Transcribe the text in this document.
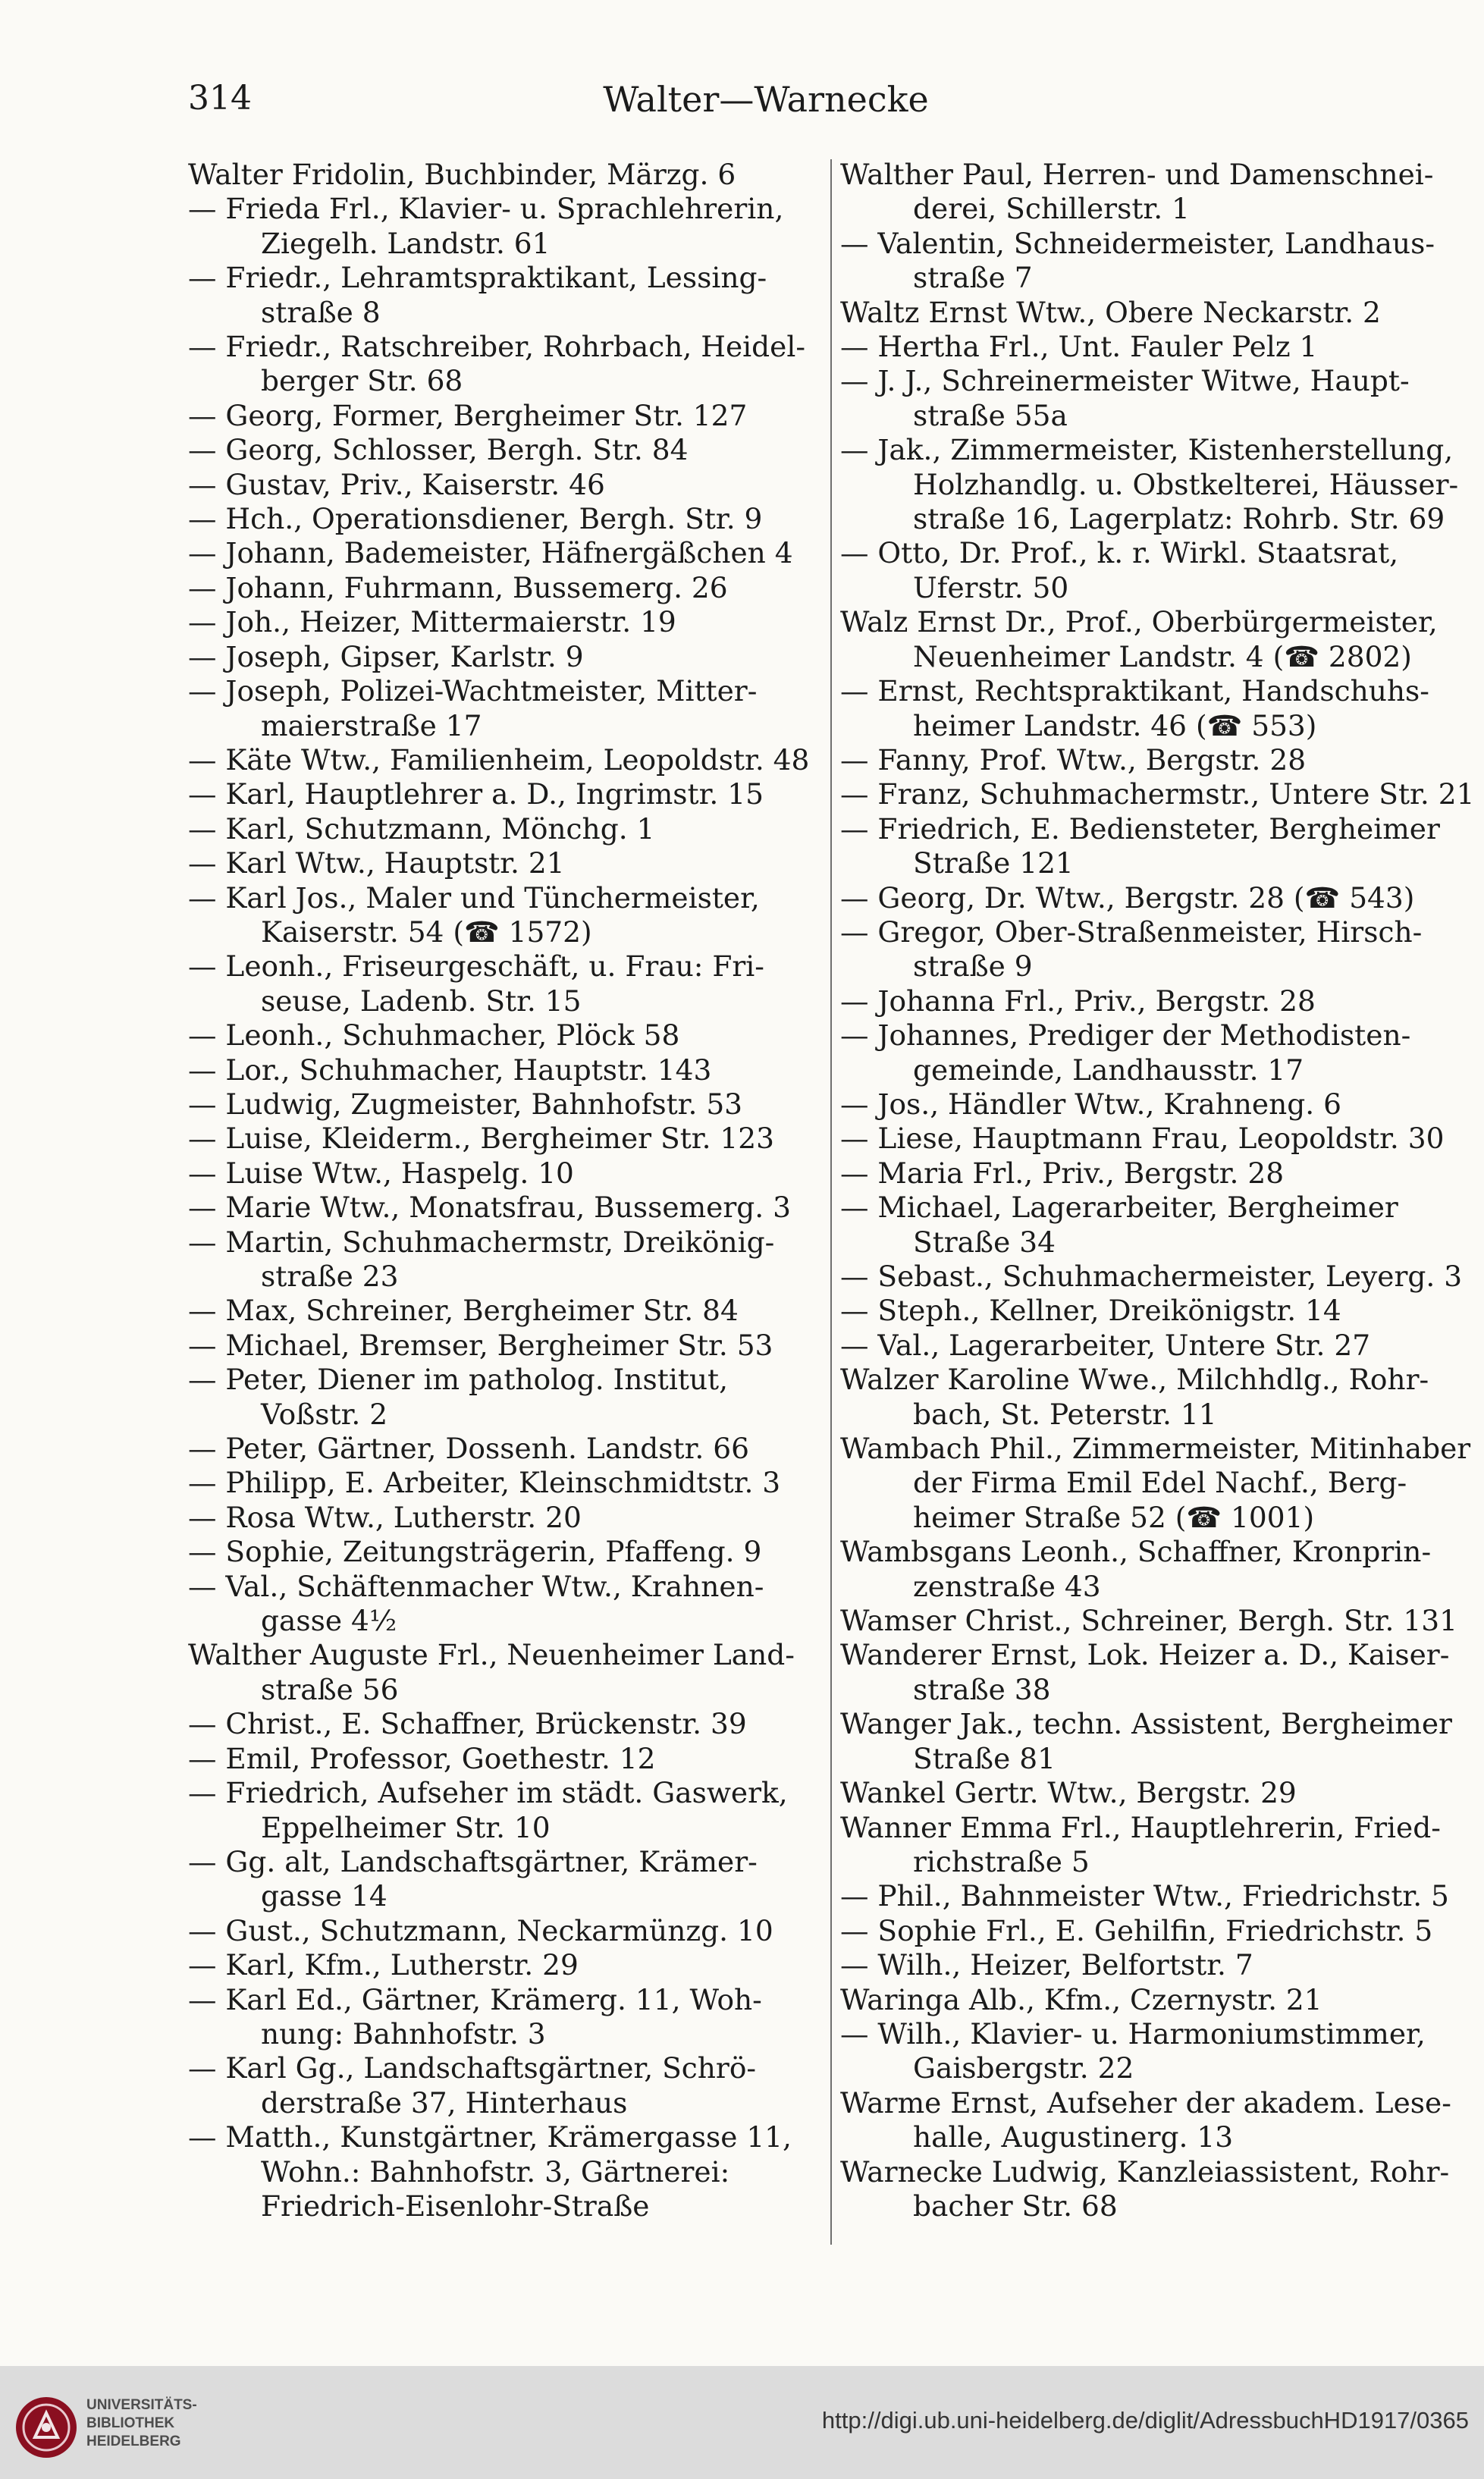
314	Walter—Warnecke
Walter Fridolin, Buchbinder, Märzg. 6
— Frieda Frl., Klavier- u. Sprachlehrerin,
Ziegelh. Landstr. 61
— Friedr., Lehramtspraktikant, Lessing-
straße 8
— Friedr., Ratschreiber, Rohrbach, Heidel-
berger Str. 68
— Georg, Former, Bergheimer Str. 127
— Georg, Schlosser, Bergh. Str. 84
— Gustav, Priv., Kaiserstr. 46
— Hch., Operationsdiener, Bergh. Str. 9
— Johann, Bademeister, Häfnergäßchen 4
— Johann, Fuhrmann, Bussemerg. 26
— Joh., Heizer, Mittermaierstr. 19
— Joseph, Gipser, Karlstr. 9
— Joseph, Polizei-Wachtmeister, Mitter-
maierstraße 17
— Käte Wtw., Familienheim, Leopoldstr. 48
— Karl, Hauptlehrer a. D., Ingrimstr. 15
— Karl, Schutzmann, Mönchg. 1
— Karl Wtw., Hauptstr. 21
— Karl Jos., Maler und Tünchermeister,
Kaiserstr. 54 (☎ 1572)
— Leonh., Friseurgeschäft, u. Frau: Fri-
seuse, Ladenb. Str. 15
— Leonh., Schuhmacher, Plöck 58
— Lor., Schuhmacher, Hauptstr. 143
— Ludwig, Zugmeister, Bahnhofstr. 53
— Luise, Kleiderm., Bergheimer Str. 123
— Luise Wtw., Haspelg. 10
— Marie Wtw., Monatsfrau, Bussemerg. 3
— Martin, Schuhmachermstr, Dreikönig-
straße 23
— Max, Schreiner, Bergheimer Str. 84
— Michael, Bremser, Bergheimer Str. 53
— Peter, Diener im patholog. Institut,
Voßstr. 2
— Peter, Gärtner, Dossenh. Landstr. 66
— Philipp, E. Arbeiter, Kleinschmidtstr. 3
— Rosa Wtw., Lutherstr. 20
— Sophie, Zeitungsträgerin, Pfaffeng. 9
— Val., Schäftenmacher Wtw., Krahnen-
gasse 4½
Walther Auguste Frl., Neuenheimer Land-
straße 56
— Christ., E. Schaffner, Brückenstr. 39
— Emil, Professor, Goethestr. 12
— Friedrich, Aufseher im städt. Gaswerk,
Eppelheimer Str. 10
— Gg. alt, Landschaftsgärtner, Krämer-
gasse 14
— Gust., Schutzmann, Neckarmünzg. 10
— Karl, Kfm., Lutherstr. 29
— Karl Ed., Gärtner, Krämerg. 11, Woh-
nung: Bahnhofstr. 3
— Karl Gg., Landschaftsgärtner, Schrö-
derstraße 37, Hinterhaus
— Matth., Kunstgärtner, Krämergasse 11,
Wohn.: Bahnhofstr. 3, Gärtnerei:
Friedrich-Eisenlohr-Straße
Walther Paul, Herren- und Damenschnei-
derei, Schillerstr. 1
— Valentin, Schneidermeister, Landhaus-
straße 7
Waltz Ernst Wtw., Obere Neckarstr. 2
— Hertha Frl., Unt. Fauler Pelz 1
— J. J., Schreinermeister Witwe, Haupt-
straße 55a
— Jak., Zimmermeister, Kistenherstellung,
Holzhandlg. u. Obstkelterei, Häusser-
straße 16, Lagerplatz: Rohrb. Str. 69
— Otto, Dr. Prof., k. r. Wirkl. Staatsrat,
Uferstr. 50
Walz Ernst Dr., Prof., Oberbürgermeister,
Neuenheimer Landstr. 4 (☎ 2802)
— Ernst, Rechtspraktikant, Handschuhs-
heimer Landstr. 46 (☎ 553)
— Fanny, Prof. Wtw., Bergstr. 28
— Franz, Schuhmachermstr., Untere Str. 21
— Friedrich, E. Bediensteter, Bergheimer
Straße 121
— Georg, Dr. Wtw., Bergstr. 28 (☎ 543)
— Gregor, Ober-Straßenmeister, Hirsch-
straße 9
— Johanna Frl., Priv., Bergstr. 28
— Johannes, Prediger der Methodisten-
gemeinde, Landhausstr. 17
— Jos., Händler Wtw., Krahneng. 6
— Liese, Hauptmann Frau, Leopoldstr. 30
— Maria Frl., Priv., Bergstr. 28
— Michael, Lagerarbeiter, Bergheimer
Straße 34
— Sebast., Schuhmachermeister, Leyerg. 3
— Steph., Kellner, Dreikönigstr. 14
— Val., Lagerarbeiter, Untere Str. 27
Walzer Karoline Wwe., Milchhdlg., Rohr-
bach, St. Peterstr. 11
Wambach Phil., Zimmermeister, Mitinhaber
der Firma Emil Edel Nachf., Berg-
heimer Straße 52 (☎ 1001)
Wambsgans Leonh., Schaffner, Kronprin-
zenstraße 43
Wamser Christ., Schreiner, Bergh. Str. 131
Wanderer Ernst, Lok. Heizer a. D., Kaiser-
straße 38
Wanger Jak., techn. Assistent, Bergheimer
Straße 81
Wankel Gertr. Wtw., Bergstr. 29
Wanner Emma Frl., Hauptlehrerin, Fried-
richstraße 5
— Phil., Bahnmeister Wtw., Friedrichstr. 5
— Sophie Frl., E. Gehilfin, Friedrichstr. 5
— Wilh., Heizer, Belfortstr. 7
Waringa Alb., Kfm., Czernystr. 21
— Wilh., Klavier- u. Harmoniumstimmer,
Gaisbergstr. 22
Warme Ernst, Aufseher der akadem. Lese-
halle, Augustinerg. 13
Warnecke Ludwig, Kanzleiassistent, Rohr-
bacher Str. 68
UNIVERSITÄTS-
BIBLIOTHEK
HEIDELBERG
http://digi.ub.uni-heidelberg.de/diglit/AdressbuchHD1917/0365
